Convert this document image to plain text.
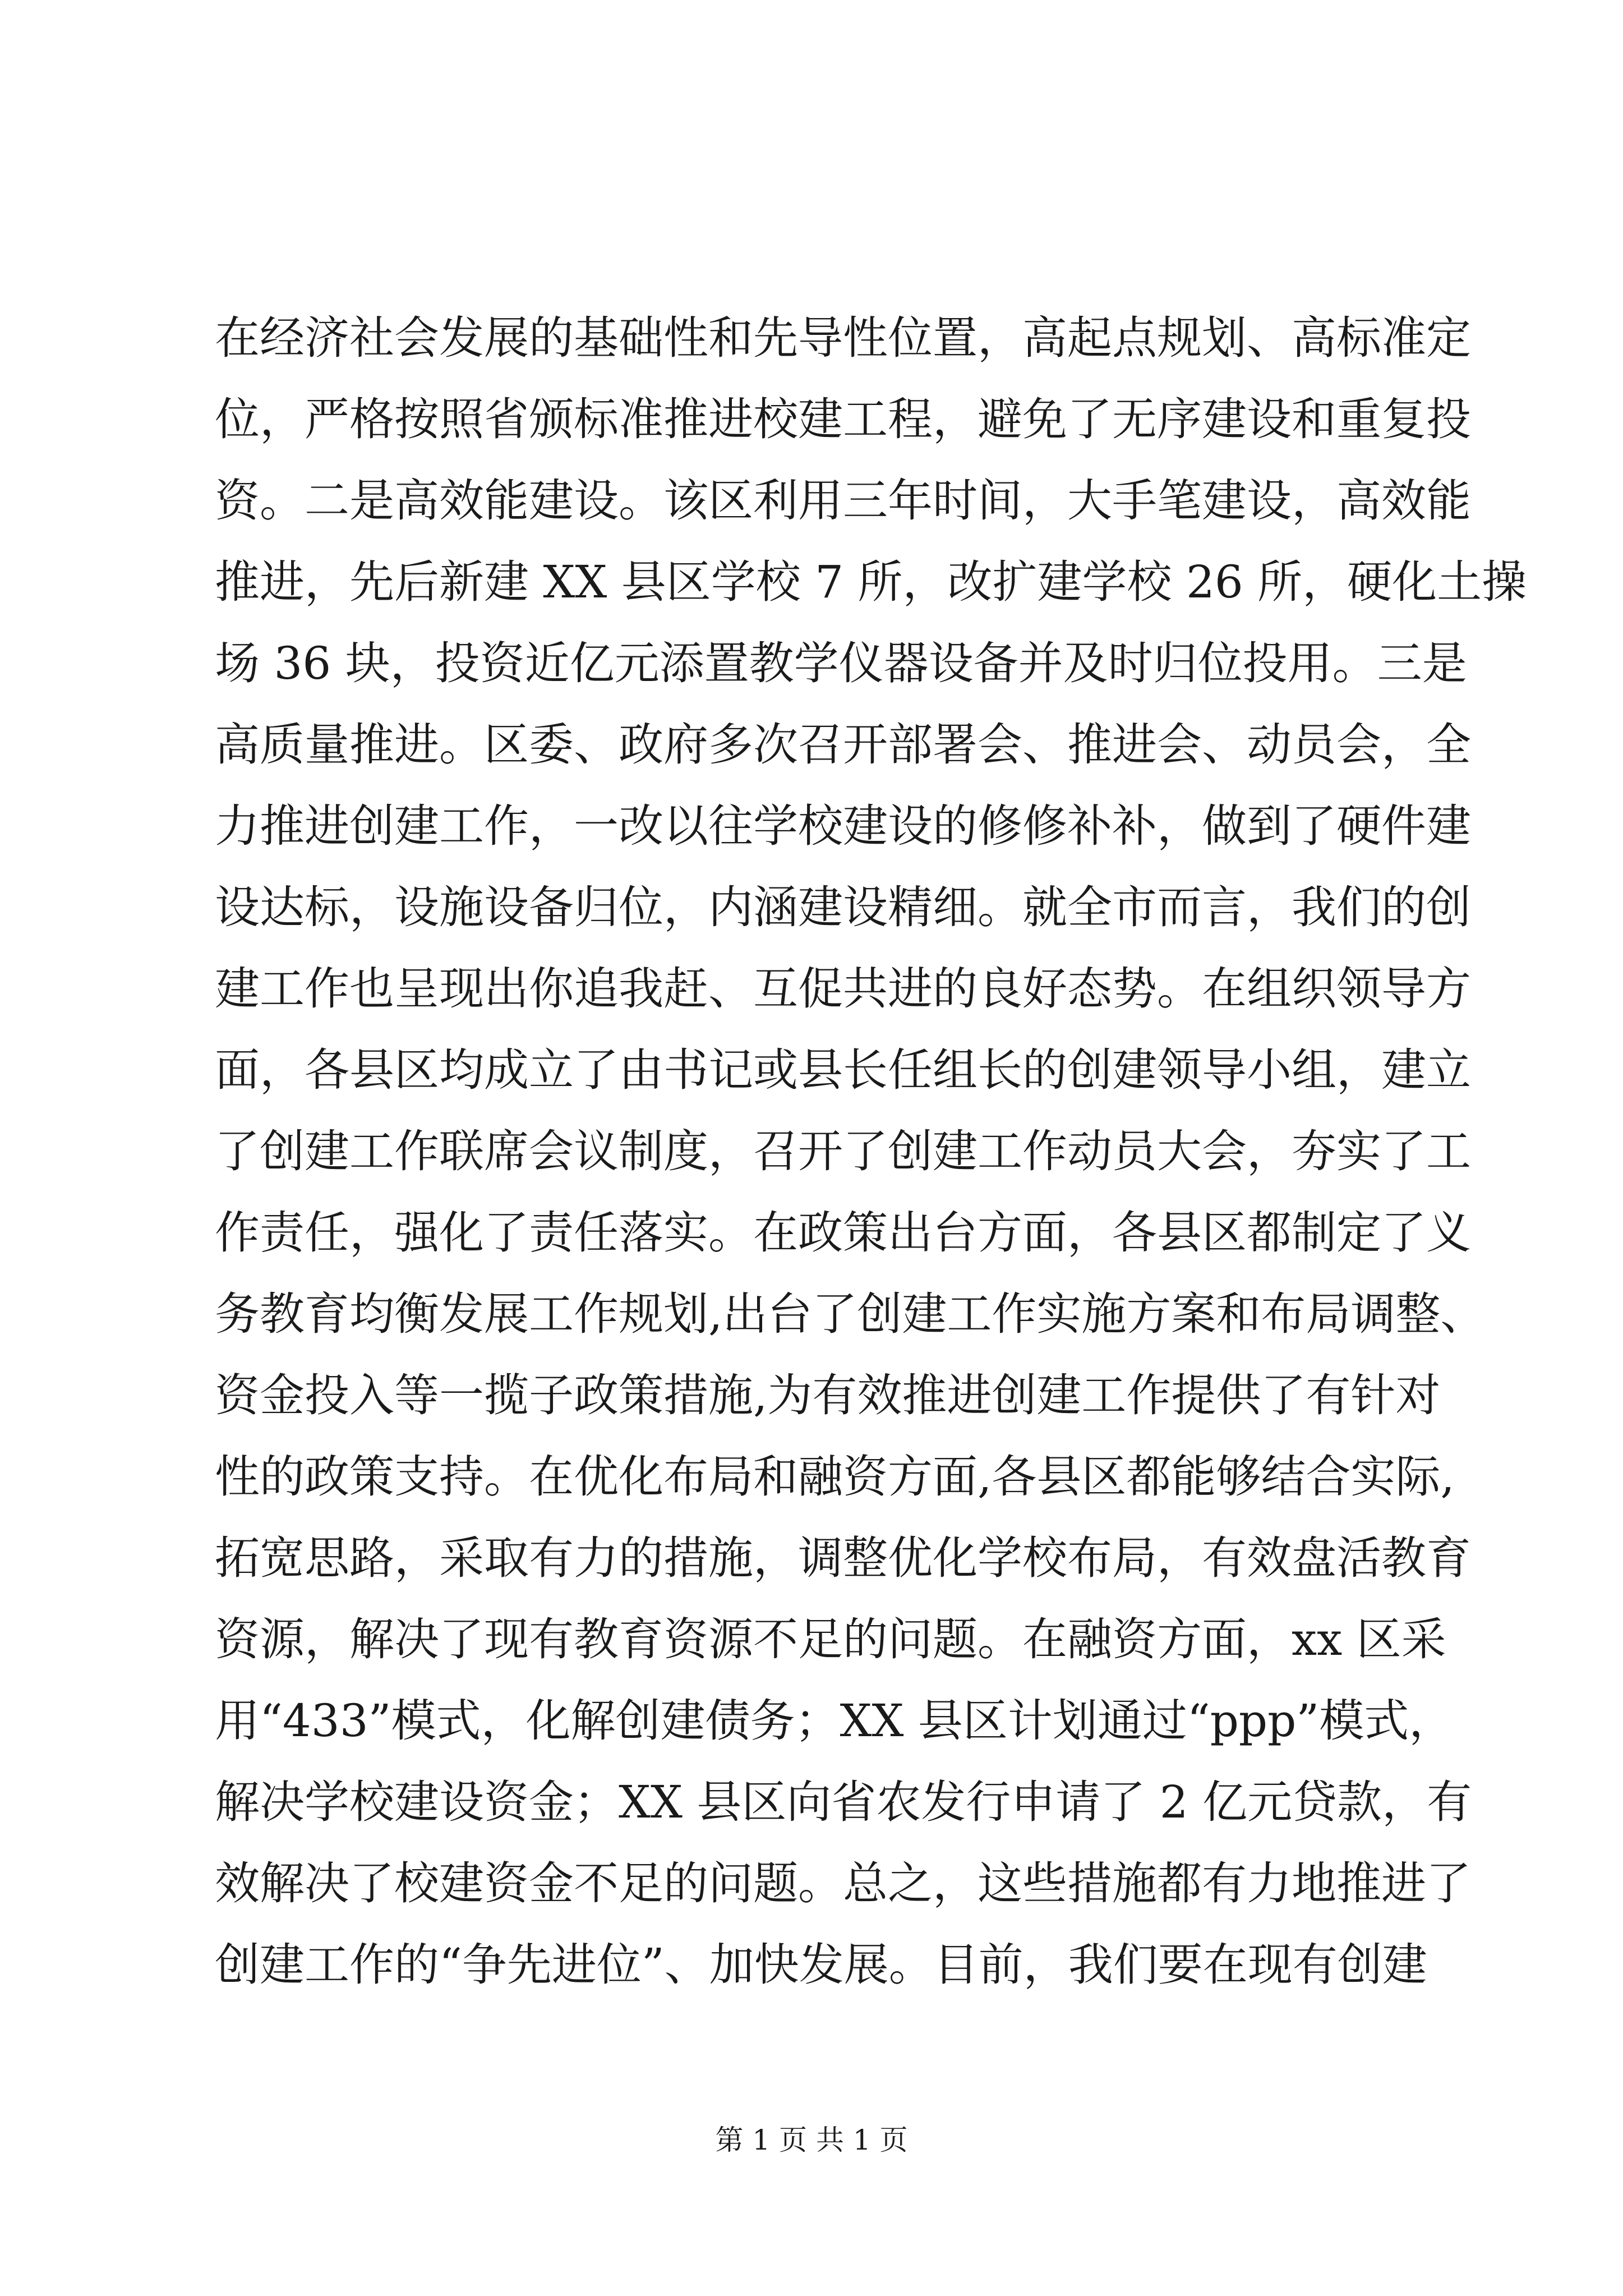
在经济社会发展的基础性和先导性位置，高起点规划、高标准定
位，严格按照省颁标准推进校建工程，避免了无序建设和重复投
资。二是高效能建设。该区利用三年时间，大手笔建设，高效能
推进，先后新建 XX 县区学校 7 所，改扩建学校 26 所，硬化土操
场 36 块，投资近亿元添置教学仪器设备并及时归位投用。三是
高质量推进。区委、政府多次召开部署会、推进会、动员会，全
力推进创建工作，一改以往学校建设的修修补补，做到了硬件建
设达标，设施设备归位，内涵建设精细。就全市而言，我们的创
建工作也呈现出你追我赶、互促共进的良好态势。在组织领导方
面，各县区均成立了由书记或县长任组长的创建领导小组，建立
了创建工作联席会议制度，召开了创建工作动员大会，夯实了工
作责任，强化了责任落实。在政策出台方面，各县区都制定了义
务教育均衡发展工作规划,出台了创建工作实施方案和布局调整、
资金投入等一揽子政策措施,为有效推进创建工作提供了有针对
性的政策支持。在优化布局和融资方面,各县区都能够结合实际,
拓宽思路，采取有力的措施，调整优化学校布局，有效盘活教育
资源，解决了现有教育资源不足的问题。在融资方面，xx 区采
用“433”模式，化解创建债务；XX 县区计划通过“ppp”模式，
解决学校建设资金；XX 县区向省农发行申请了 2 亿元贷款，有
效解决了校建资金不足的问题。总之，这些措施都有力地推进了
创建工作的“争先进位”、加快发展。目前，我们要在现有创建
第 1 页 共 1 页
